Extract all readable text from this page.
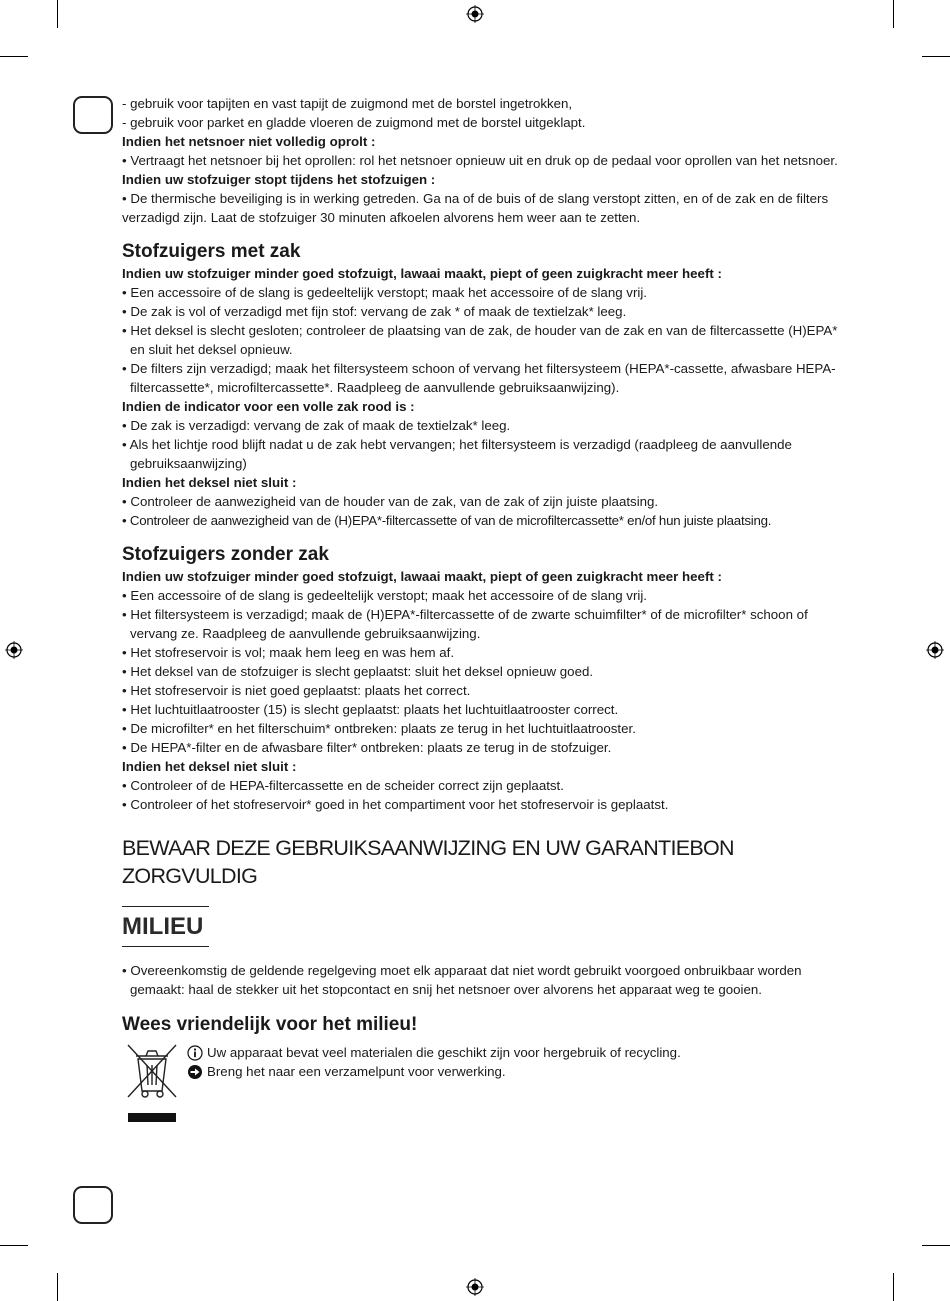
- gebruik voor tapijten en vast tapijt de zuigmond met de borstel ingetrokken,

- gebruik voor parket en gladde vloeren de zuigmond met de borstel uitgeklapt.

Indien het netsnoer niet volledig oprolt :

• Vertraagt het netsnoer bij het oprollen: rol het netsnoer opnieuw uit en druk op de pedaal voor oprollen van het netsnoer.

Indien uw stofzuiger stopt tijdens het stofzuigen :

• De thermische beveiliging is in werking getreden. Ga na of de buis of de slang verstopt zitten, en of de zak en de filters verzadigd zijn. Laat de stofzuiger 30 minuten afkoelen alvorens hem weer aan te zetten.

Stofzuigers met zak

Indien uw stofzuiger minder goed stofzuigt, lawaai maakt, piept of geen zuigkracht meer heeft :

• Een accessoire of de slang is gedeeltelijk verstopt; maak het accessoire of de slang vrij.

• De zak is vol of verzadigd met fijn stof: vervang de zak * of maak de textielzak* leeg.

• Het deksel is slecht gesloten; controleer de plaatsing van de zak, de houder van de zak en van de filtercassette (H)EPA* en sluit het deksel opnieuw.

• De filters zijn verzadigd; maak het filtersysteem schoon of vervang het filtersysteem (HEPA*-cassette, afwasbare HEPA-filtercassette*, microfiltercassette*. Raadpleeg de aanvullende gebruiksaanwijzing).

Indien de indicator voor een volle zak rood is :

• De zak is verzadigd: vervang de zak of maak de textielzak* leeg.

• Als het lichtje rood blijft nadat u de zak hebt vervangen; het filtersysteem is verzadigd (raadpleeg de aanvullende gebruiksaanwijzing)

Indien het deksel niet sluit :

• Controleer de aanwezigheid van de houder van de zak, van de zak of zijn juiste plaatsing.

• Controleer de aanwezigheid van de (H)EPA*-filtercassette of van de microfiltercassette* en/of hun juiste plaatsing.

Stofzuigers zonder zak

Indien uw stofzuiger minder goed stofzuigt, lawaai maakt, piept of geen zuigkracht meer heeft :

• Een accessoire of de slang is gedeeltelijk verstopt; maak het accessoire of de slang vrij.

• Het filtersysteem is verzadigd; maak de (H)EPA*-filtercassette of de zwarte schuimfilter* of de microfilter* schoon of vervang ze. Raadpleeg de aanvullende gebruiksaanwijzing.

• Het stofreservoir is vol; maak hem leeg en was hem af.

• Het deksel van de stofzuiger is slecht geplaatst: sluit het deksel opnieuw goed.

• Het stofreservoir is niet goed geplaatst: plaats het correct.

• Het luchtuitlaatrooster (15) is slecht geplaatst: plaats het luchtuitlaatrooster correct.

• De microfilter* en het filterschuim* ontbreken: plaats ze terug in het luchtuitlaatrooster.

• De HEPA*-filter en de afwasbare filter* ontbreken: plaats ze terug in de stofzuiger.

Indien het deksel niet sluit :

• Controleer of de HEPA-filtercassette en de scheider correct zijn geplaatst.

• Controleer of het stofreservoir* goed in het compartiment voor het stofreservoir is geplaatst.

BEWAAR DEZE GEBRUIKSAANWIJZING EN UW GARANTIEBON ZORGVULDIG
MILIEU

• Overeenkomstig de geldende regelgeving moet elk apparaat dat niet wordt gebruikt voorgoed onbruikbaar worden gemaakt: haal de stekker uit het stopcontact en snij het netsnoer over alvorens het apparaat weg te gooien.

Wees vriendelijk voor het milieu!
Uw apparaat bevat veel materialen die geschikt zijn voor hergebruik of recycling.
Breng het naar een verzamelpunt voor verwerking.
